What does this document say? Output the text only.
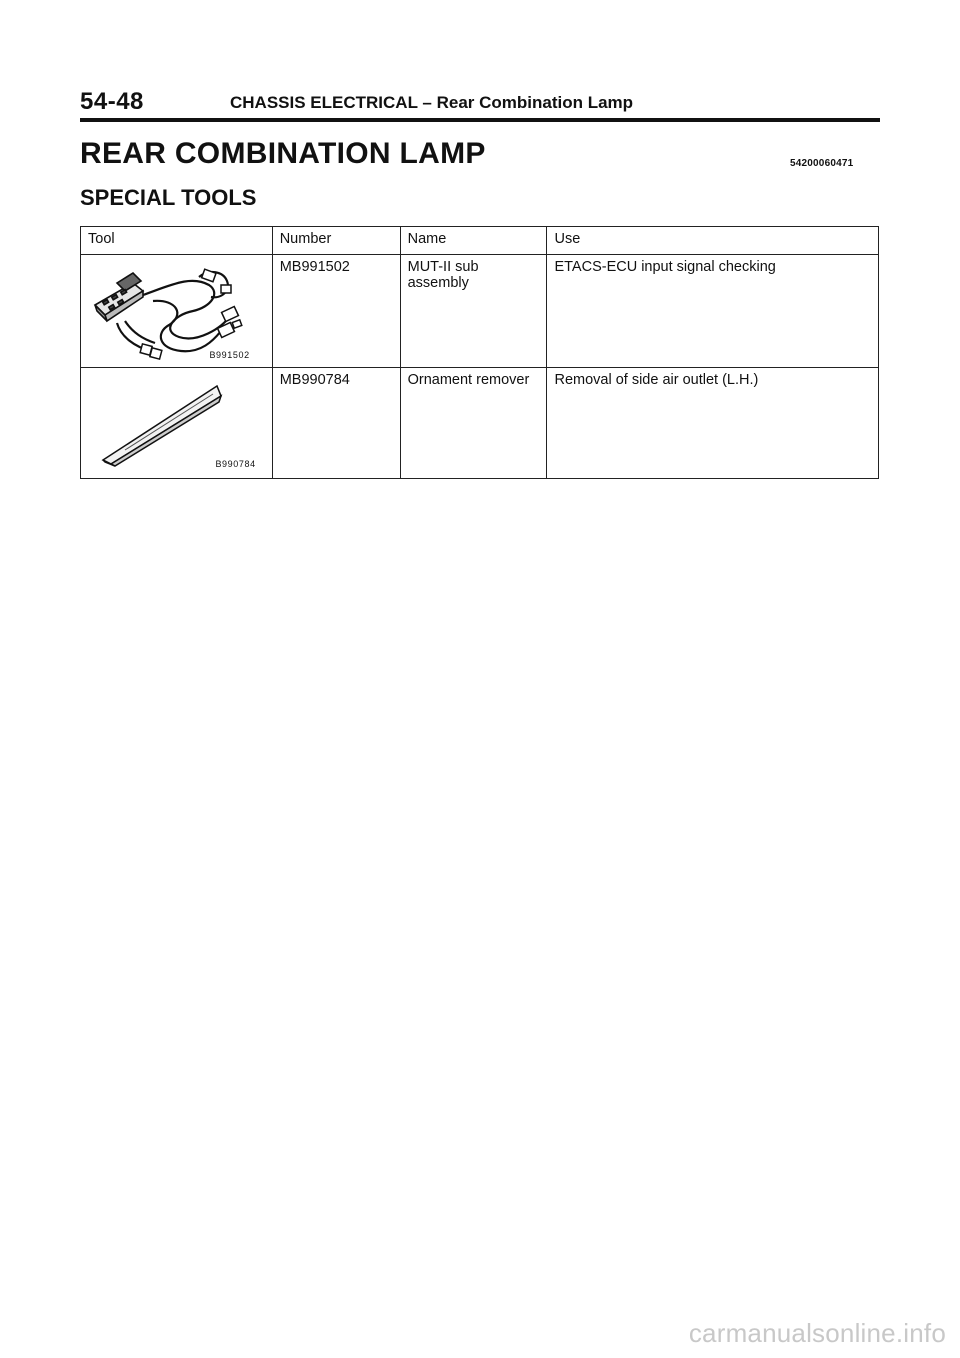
54-48	CHASSIS ELECTRICAL – Rear Combination Lamp
REAR COMBINATION LAMP	54200060471
SPECIAL TOOLS
Tool	Number	Name	Use

B991502	MB991502	MUT-II sub assembly	ETACS-ECU input signal checking

B990784	MB990784	Ornament remover	Removal of side air outlet (L.H.)
carmanualsonline.info
